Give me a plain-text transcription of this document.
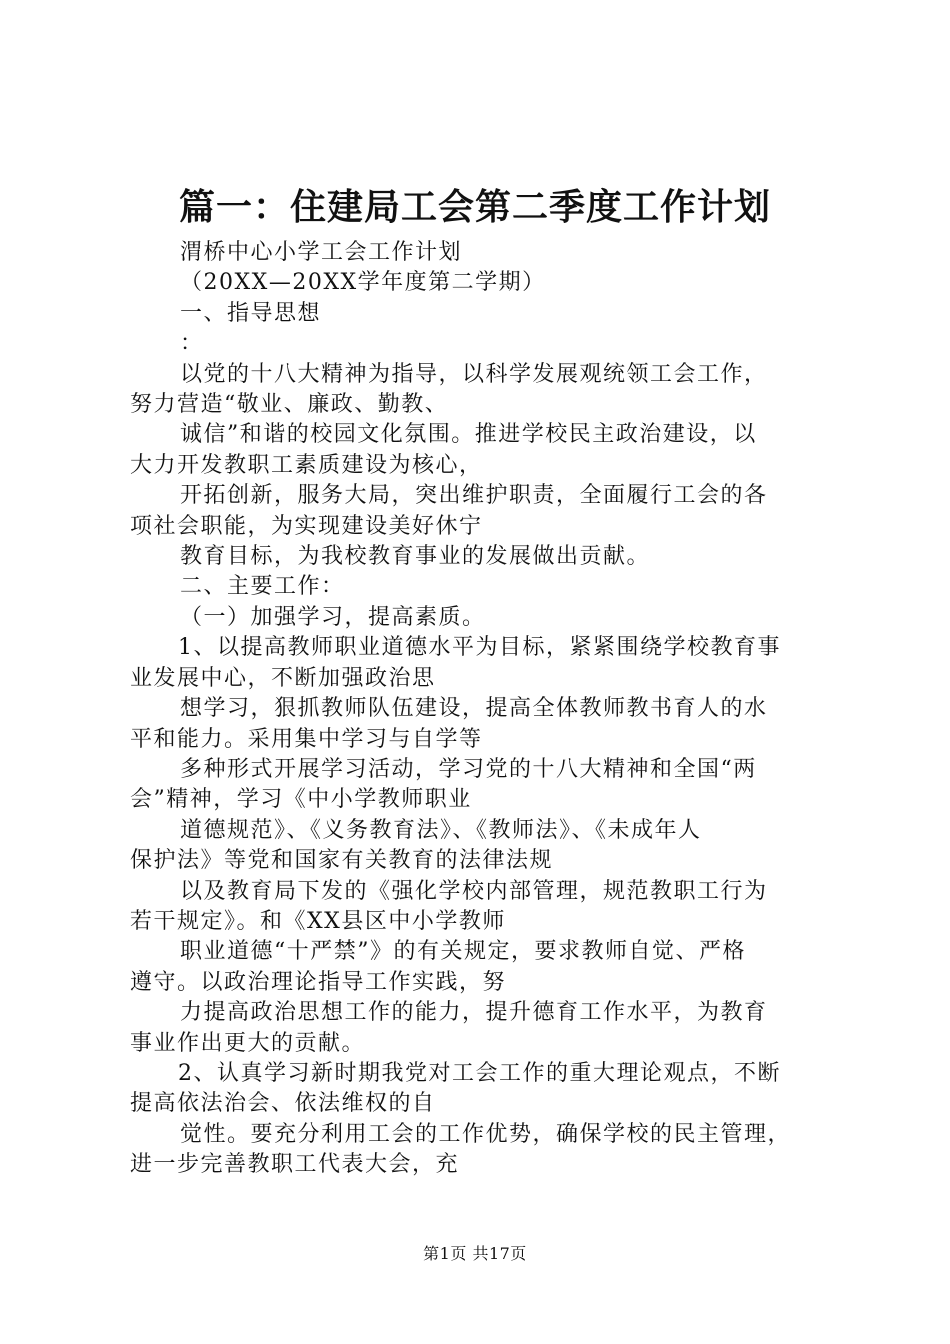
篇一：住建局工会第二季度工作计划

渭桥中心小学工会工作计划

（20XX—20XX学年度第二学期）

一、指导思想

：

以党的十八大精神为指导，以科学发展观统领工会工作，

努力营造“敬业、廉政、勤教、

诚信”和谐的校园文化氛围。推进学校民主政治建设，以

大力开发教职工素质建设为核心，

开拓创新，服务大局，突出维护职责，全面履行工会的各

项社会职能，为实现建设美好休宁

教育目标，为我校教育事业的发展做出贡献。

二、主要工作：

（一）加强学习，提高素质。

1、以提高教师职业道德水平为目标，紧紧围绕学校教育事

业发展中心，不断加强政治思

想学习，狠抓教师队伍建设，提高全体教师教书育人的水

平和能力。采用集中学习与自学等

多种形式开展学习活动，学习党的十八大精神和全国“两

会”精神，学习《中小学教师职业

道德规范》、《义务教育法》、《教师法》、《未成年人

保护法》等党和国家有关教育的法律法规

以及教育局下发的《强化学校内部管理，规范教职工行为

若干规定》。和《XX县区中小学教师

职业道德“十严禁”》的有关规定，要求教师自觉、严格

遵守。以政治理论指导工作实践，努

力提高政治思想工作的能力，提升德育工作水平，为教育

事业作出更大的贡献。

2、认真学习新时期我党对工会工作的重大理论观点，不断

提高依法治会、依法维权的自

觉性。要充分利用工会的工作优势，确保学校的民主管理，

进一步完善教职工代表大会，充

第1页 共17页
